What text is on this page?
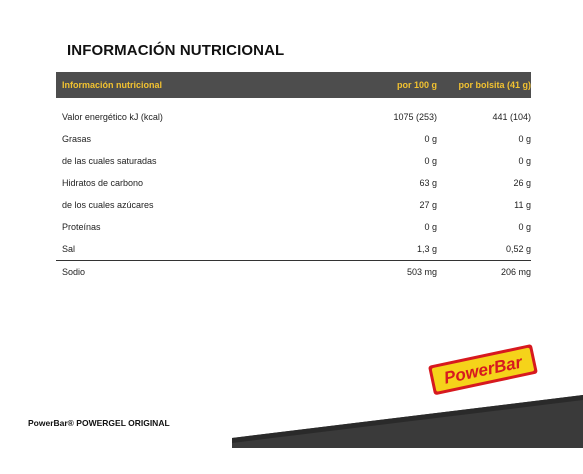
INFORMACIÓN NUTRICIONAL
Información nutricional	por 100 g	por bolsita (41 g)
Valor energético kJ (kcal)	1075 (253)	441 (104)
Grasas	0 g	0 g
de las cuales saturadas	0 g	0 g
Hidratos de carbono	63 g	26 g
de los cuales azúcares	27 g	11 g
Proteínas	0 g	0 g
Sal	1,3 g	0,52 g
Sodio	503 mg	206 mg
PowerBar
PowerBar® POWERGEL ORIGINAL
